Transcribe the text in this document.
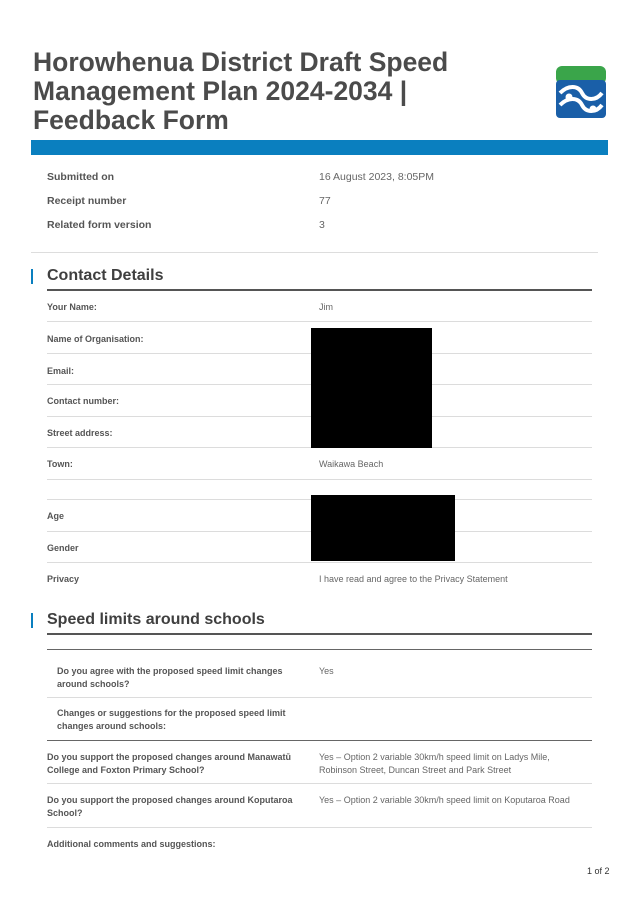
Horowhenua District Draft Speed Management Plan 2024-2034 | Feedback Form
Submitted on	16 August 2023, 8:05PM
Receipt number	77
Related form version	3
Contact Details
Your Name:	Jim
Name of Organisation:
Email:
Contact number:
Street address:
Town:	Waikawa Beach
Age
Gender
Privacy	I have read and agree to the Privacy Statement
Speed limits around schools
Do you agree with the proposed speed limit changes around schools?
Yes
Changes or suggestions for the proposed speed limit changes around schools:
Do you support the proposed changes around Manawatū College and Foxton Primary School?
Yes – Option 2 variable 30km/h speed limit on Ladys Mile, Robinson Street, Duncan Street and Park Street
Do you support the proposed changes around Koputaroa School?
Yes – Option 2 variable 30km/h speed limit on Koputaroa Road
Additional comments and suggestions:
1 of 2
